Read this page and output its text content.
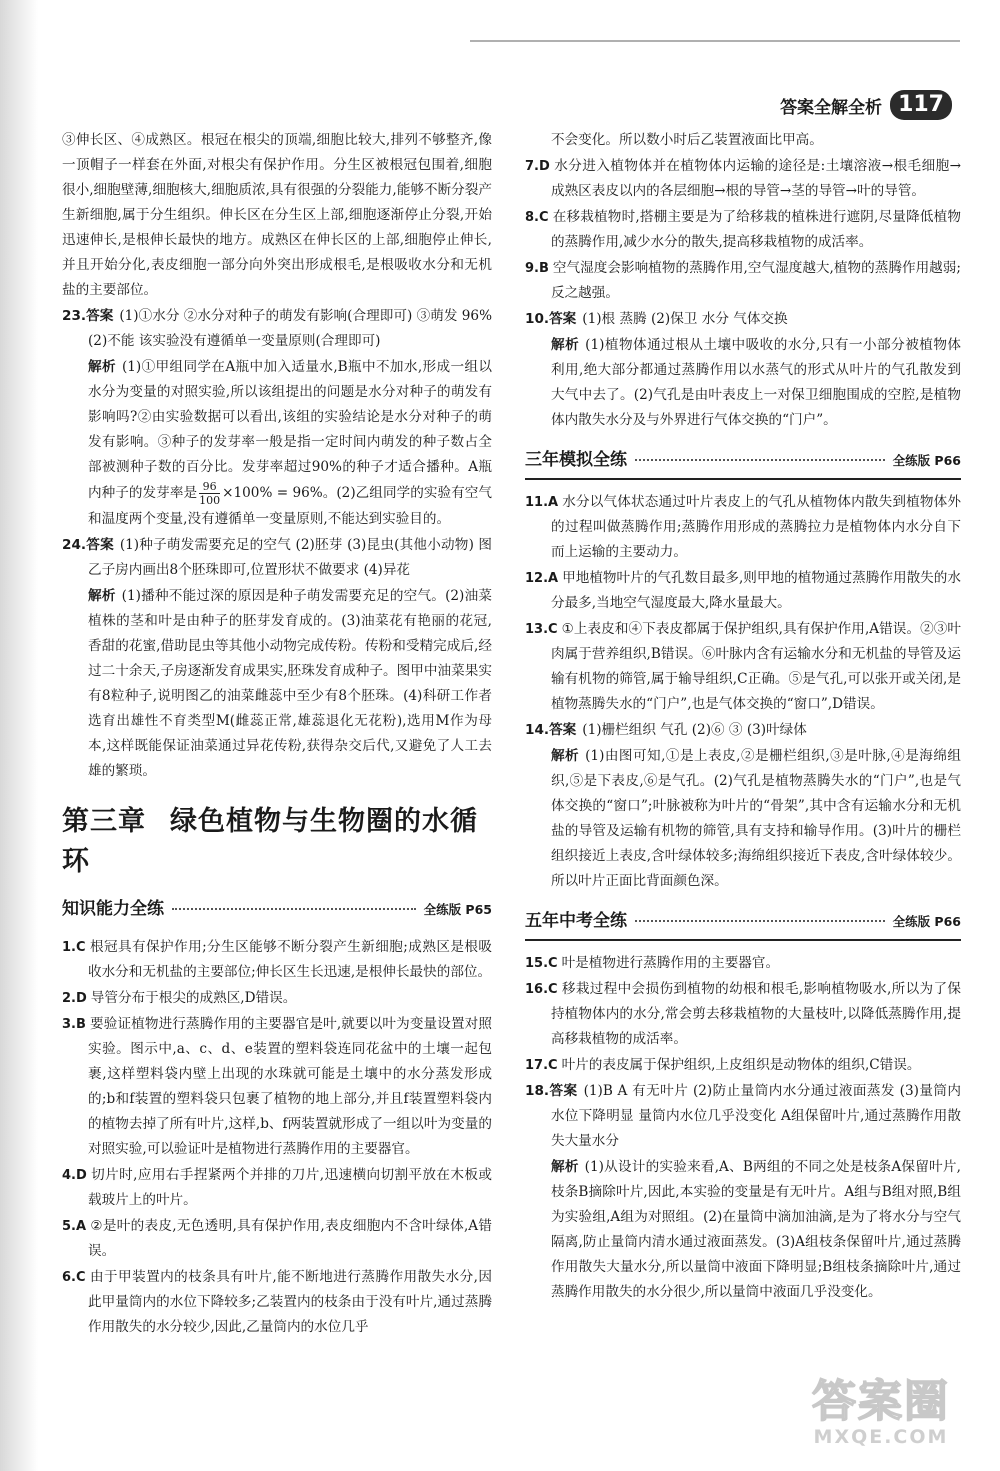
答案全解全析 117

③伸长区、④成熟区。根冠在根尖的顶端,细胞比较大,排列不够整齐,像一顶帽子一样套在外面,对根尖有保护作用。分生区被根冠包围着,细胞很小,细胞壁薄,细胞核大,细胞质浓,具有很强的分裂能力,能够不断分裂产生新细胞,属于分生组织。伸长区在分生区上部,细胞逐渐停止分裂,开始迅速伸长,是根伸长最快的地方。成熟区在伸长区的上部,细胞停止伸长,并且开始分化,表皮细胞一部分向外突出形成根毛,是根吸收水分和无机盐的主要部位。

23.答案 (1)①水分 ②水分对种子的萌发有影响(合理即可) ③萌发 96% (2)不能 该实验没有遵循单一变量原则(合理即可)
解析 (1)①甲组同学在A瓶中加入适量水,B瓶中不加水,形成一组以水分为变量的对照实验,所以该组提出的问题是水分对种子的萌发有影响吗?②由实验数据可以看出,该组的实验结论是水分对种子的萌发有影响。③种子的发芽率一般是指一定时间内萌发的种子数占全部被测种子数的百分比。发芽率超过90%的种子才适合播种。A瓶内种子的发芽率是 $\frac{96}{100} \times 100\% = 96\%$。(2)乙组同学的实验有空气和温度两个变量,没有遵循单一变量原则,不能达到实验目的。
24.答案 (1)种子萌发需要充足的空气 (2)胚芽 (3)昆虫(其他小动物) 图乙子房内画出8个胚珠即可,位置形状不做要求 (4)异花
解析 (1)播种不能过深的原因是种子萌发需要充足的空气。(2)油菜植株的茎和叶是由种子的胚芽发育成的。(3)油菜花有艳丽的花冠,香甜的花蜜,借助昆虫等其他小动物完成传粉。传粉和受精完成后,经过二十余天,子房逐渐发育成果实,胚珠发育成种子。图甲中油菜果实有8粒种子,说明图乙的油菜雌蕊中至少有8个胚珠。(4)科研工作者选育出雄性不育类型M(雌蕊正常,雄蕊退化无花粉),选用M作为母本,这样既能保证油菜通过异花传粉,获得杂交后代,又避免了人工去雄的繁琐。
第三章 绿色植物与生物圈的水循环
知识能力全练	全练版 P65
1.C 根冠具有保护作用;分生区能够不断分裂产生新细胞;成熟区是根吸收水分和无机盐的主要部位;伸长区生长迅速,是根伸长最快的部位。
2.D 导管分布于根尖的成熟区,D错误。
3.B 要验证植物进行蒸腾作用的主要器官是叶,就要以叶为变量设置对照实验。图示中,a、c、d、e装置的塑料袋连同花盆中的土壤一起包裹,这样塑料袋内壁上出现的水珠就可能是土壤中的水分蒸发形成的;b和f装置的塑料袋只包裹了植物的地上部分,并且f装置塑料袋内的植物去掉了所有叶片,这样,b、f两装置就形成了一组以叶为变量的对照实验,可以验证叶是植物进行蒸腾作用的主要器官。
4.D 切片时,应用右手捏紧两个并排的刀片,迅速横向切割平放在木板或载玻片上的叶片。
5.A ②是叶的表皮,无色透明,具有保护作用,表皮细胞内不含叶绿体,A错误。
6.C 由于甲装置内的枝条具有叶片,能不断地进行蒸腾作用散失水分,因此甲量筒内的水位下降较多;乙装置内的枝条由于没有叶片,通过蒸腾作用散失的水分较少,因此,乙量筒内的水位几乎

不会变化。所以数小时后乙装置液面比甲高。

7.D 水分进入植物体并在植物体内运输的途径是:土壤溶液→根毛细胞→成熟区表皮以内的各层细胞→根的导管→茎的导管→叶的导管。
8.C 在移栽植物时,搭棚主要是为了给移栽的植株进行遮阴,尽量降低植物的蒸腾作用,减少水分的散失,提高移栽植物的成活率。
9.B 空气湿度会影响植物的蒸腾作用,空气湿度越大,植物的蒸腾作用越弱;反之越强。
10.答案 (1)根 蒸腾 (2)保卫 水分 气体交换
解析 (1)植物体通过根从土壤中吸收的水分,只有一小部分被植物体利用,绝大部分都通过蒸腾作用以水蒸气的形式从叶片的气孔散发到大气中去了。(2)气孔是由叶表皮上一对保卫细胞围成的空腔,是植物体内散失水分及与外界进行气体交换的“门户”。
三年模拟全练	全练版 P66
11.A 水分以气体状态通过叶片表皮上的气孔从植物体内散失到植物体外的过程叫做蒸腾作用;蒸腾作用形成的蒸腾拉力是植物体内水分自下而上运输的主要动力。
12.A 甲地植物叶片的气孔数目最多,则甲地的植物通过蒸腾作用散失的水分最多,当地空气湿度最大,降水量最大。
13.C ①上表皮和④下表皮都属于保护组织,具有保护作用,A错误。②③叶肉属于营养组织,B错误。⑥叶脉内含有运输水分和无机盐的导管及运输有机物的筛管,属于输导组织,C正确。⑤是气孔,可以张开或关闭,是植物蒸腾失水的“门户”,也是气体交换的“窗口”,D错误。
14.答案 (1)栅栏组织 气孔 (2)⑥ ③ (3)叶绿体
解析 (1)由图可知,①是上表皮,②是栅栏组织,③是叶脉,④是海绵组织,⑤是下表皮,⑥是气孔。(2)气孔是植物蒸腾失水的“门户”,也是气体交换的“窗口”;叶脉被称为叶片的“骨架”,其中含有运输水分和无机盐的导管及运输有机物的筛管,具有支持和输导作用。(3)叶片的栅栏组织接近上表皮,含叶绿体较多;海绵组织接近下表皮,含叶绿体较少。所以叶片正面比背面颜色深。
五年中考全练	全练版 P66
15.C 叶是植物进行蒸腾作用的主要器官。
16.C 移栽过程中会损伤到植物的幼根和根毛,影响植物吸水,所以为了保持植物体内的水分,常会剪去移栽植物的大量枝叶,以降低蒸腾作用,提高移栽植物的成活率。
17.C 叶片的表皮属于保护组织,上皮组织是动物体的组织,C错误。
18.答案 (1)B A 有无叶片 (2)防止量筒内水分通过液面蒸发 (3)量筒内水位下降明显 量筒内水位几乎没变化 A组保留叶片,通过蒸腾作用散失大量水分
解析 (1)从设计的实验来看,A、B两组的不同之处是枝条A保留叶片,枝条B摘除叶片,因此,本实验的变量是有无叶片。A组与B组对照,B组为实验组,A组为对照组。(2)在量筒中滴加油滴,是为了将水分与空气隔离,防止量筒内清水通过液面蒸发。(3)A组枝条保留叶片,通过蒸腾作用散失大量水分,所以量筒中液面下降明显;B组枝条摘除叶片,通过蒸腾作用散失的水分很少,所以量筒中液面几乎没变化。
答案圈
MXQE.COM
